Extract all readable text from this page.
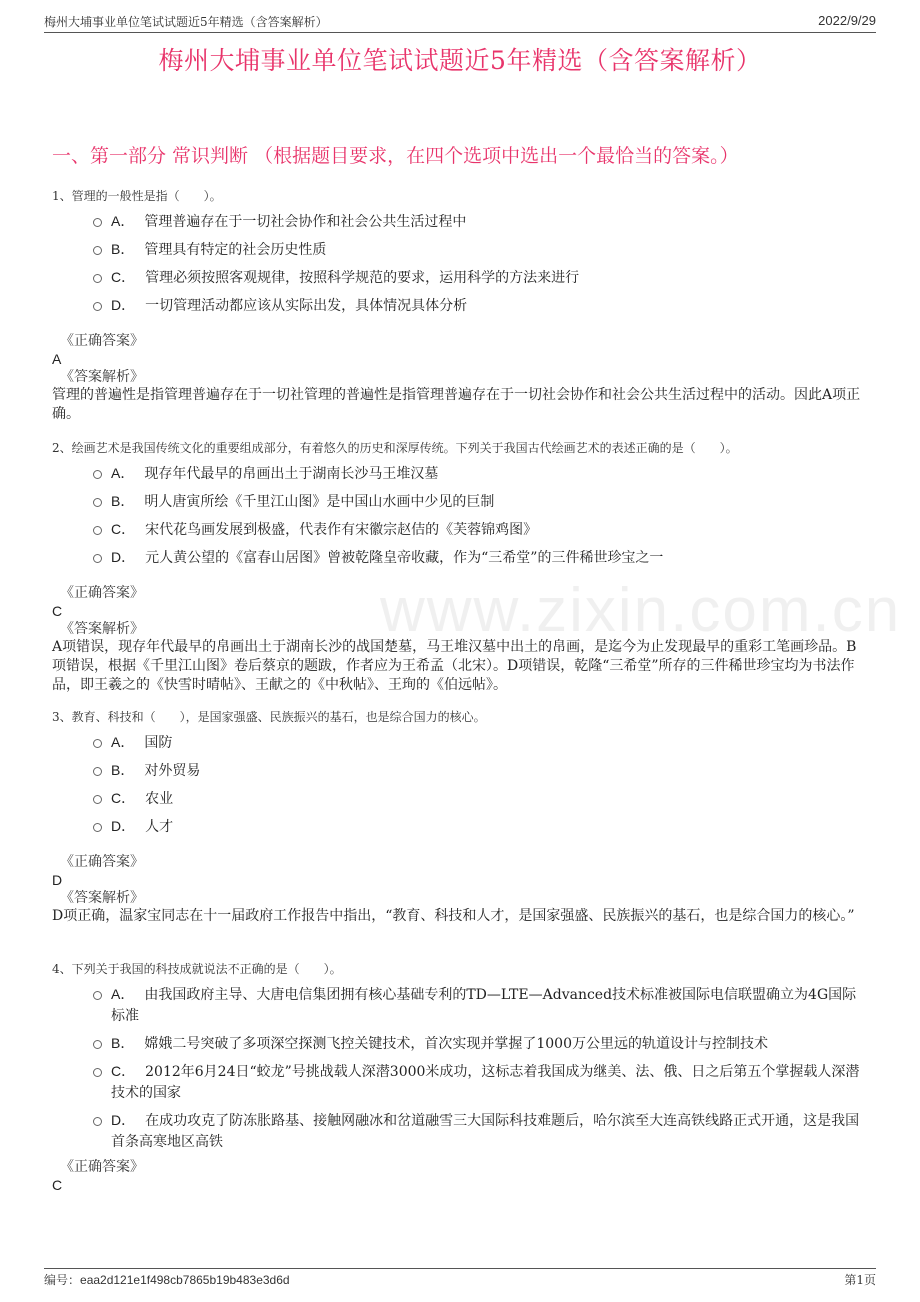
梅州大埔事业单位笔试试题近5年精选（含答案解析）	2022/9/29
梅州大埔事业单位笔试试题近5年精选（含答案解析）
一、第一部分 常识判断 （根据题目要求，在四个选项中选出一个最恰当的答案。）
www.zixin.com.cn
1、管理的一般性是指（　　）。
A． 管理普遍存在于一切社会协作和社会公共生活过程中
B． 管理具有特定的社会历史性质
C． 管理必须按照客观规律，按照科学规范的要求，运用科学的方法来进行
D． 一切管理活动都应该从实际出发，具体情况具体分析
《正确答案》
A
《答案解析》
管理的普遍性是指管理普遍存在于一切社管理的普遍性是指管理普遍存在于一切社会协作和社会公共生活过程中的活动。因此A项正确。
2、绘画艺术是我国传统文化的重要组成部分，有着悠久的历史和深厚传统。下列关于我国古代绘画艺术的表述正确的是（　　）。
A． 现存年代最早的帛画出土于湖南长沙马王堆汉墓
B． 明人唐寅所绘《千里江山图》是中国山水画中少见的巨制
C． 宋代花鸟画发展到极盛，代表作有宋徽宗赵佶的《芙蓉锦鸡图》
D． 元人黄公望的《富春山居图》曾被乾隆皇帝收藏，作为“三希堂”的三件稀世珍宝之一
《正确答案》
C
《答案解析》
A项错误，现存年代最早的帛画出土于湖南长沙的战国楚墓，马王堆汉墓中出土的帛画，是迄今为止发现最早的重彩工笔画珍品。B项错误，根据《千里江山图》卷后蔡京的题跋，作者应为王希孟（北宋）。D项错误，乾隆“三希堂”所存的三件稀世珍宝均为书法作品，即王羲之的《快雪时晴帖》、王献之的《中秋帖》、王珣的《伯远帖》。
3、教育、科技和（　　），是国家强盛、民族振兴的基石，也是综合国力的核心。
A． 国防
B． 对外贸易
C． 农业
D． 人才
《正确答案》
D
《答案解析》
D项正确，温家宝同志在十一届政府工作报告中指出，“教育、科技和人才，是国家强盛、民族振兴的基石，也是综合国力的核心。”
4、下列关于我国的科技成就说法不正确的是（　　）。
A． 由我国政府主导、大唐电信集团拥有核心基础专利的TD—LTE—Advanced技术标准被国际电信联盟确立为4G国际标准
B． 嫦娥二号突破了多项深空探测飞控关键技术，首次实现并掌握了1000万公里远的轨道设计与控制技术
C． 2012年6月24日“蛟龙”号挑战载人深潜3000米成功，这标志着我国成为继美、法、俄、日之后第五个掌握载人深潜技术的国家
D． 在成功攻克了防冻胀路基、接触网融冰和岔道融雪三大国际科技难题后，哈尔滨至大连高铁线路正式开通，这是我国首条高寒地区高铁
《正确答案》
C
编号：eaa2d121e1f498cb7865b19b483e3d6d	第1页
